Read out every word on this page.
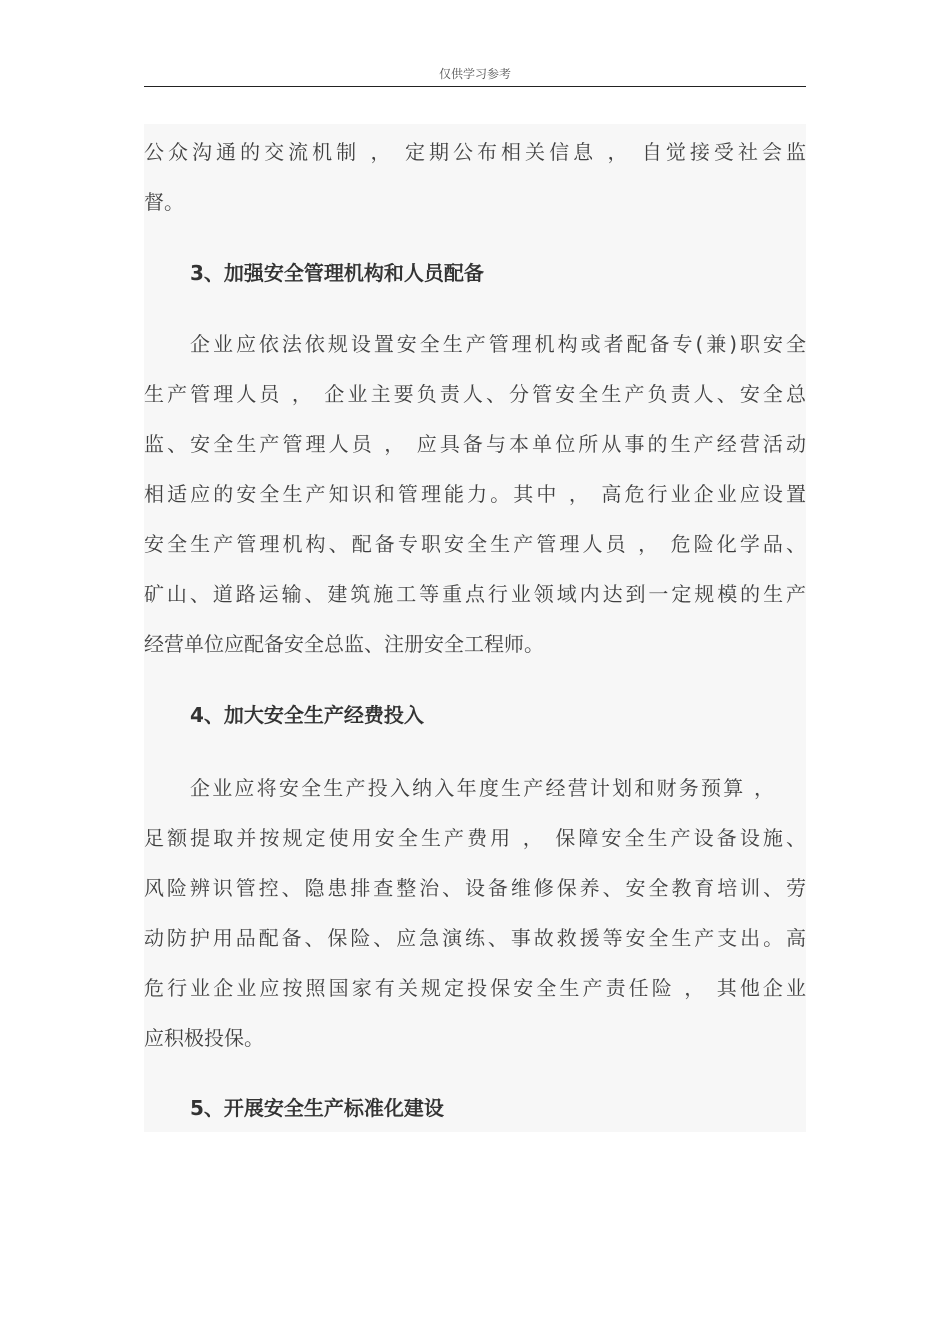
仅供学习参考
公众沟通的交流机制 ， 定期公布相关信息 ， 自觉接受社会监
督。
3、加强安全管理机构和人员配备
企业应依法依规设置安全生产管理机构或者配备专(兼)职安全
生产管理人员 ， 企业主要负责人、分管安全生产负责人、安全总
监、安全生产管理人员 ， 应具备与本单位所从事的生产经营活动
相适应的安全生产知识和管理能力。其中 ， 高危行业企业应设置
安全生产管理机构、配备专职安全生产管理人员 ， 危险化学品、
矿山、道路运输、建筑施工等重点行业领域内达到一定规模的生产
经营单位应配备安全总监、注册安全工程师。
4、加大安全生产经费投入
企业应将安全生产投入纳入年度生产经营计划和财务预算 ，
足额提取并按规定使用安全生产费用 ， 保障安全生产设备设施、
风险辨识管控、隐患排查整治、设备维修保养、安全教育培训、劳
动防护用品配备、保险、应急演练、事故救援等安全生产支出。高
危行业企业应按照国家有关规定投保安全生产责任险 ， 其他企业
应积极投保。
5、开展安全生产标准化建设
